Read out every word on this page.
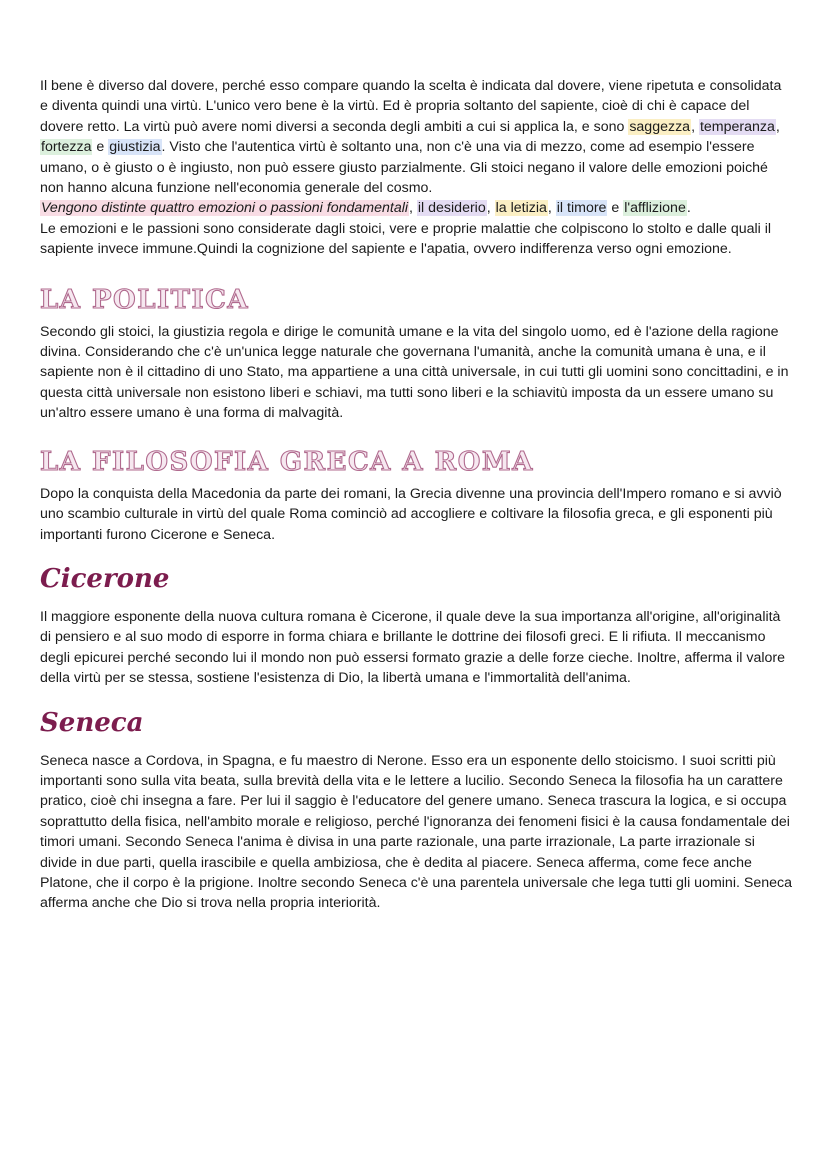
Il bene è diverso dal dovere, perché esso compare quando la scelta è indicata dal dovere, viene ripetuta e consolidata e diventa quindi una virtù. L'unico vero bene è la virtù. Ed è propria soltanto del sapiente, cioè di chi è capace del dovere retto. La virtù può avere nomi diversi a seconda degli ambiti a cui si applica la, e sono saggezza, temperanza, fortezza e giustizia. Visto che l'autentica virtù è soltanto una, non c'è una via di mezzo, come ad esempio l'essere umano, o è giusto o è ingiusto, non può essere giusto parzialmente. Gli stoici negano il valore delle emozioni poiché non hanno alcuna funzione nell'economia generale del cosmo.
Vengono distinte quattro emozioni o passioni fondamentali, il desiderio, la letizia, il timore e l'afflizione.
Le emozioni e le passioni sono considerate dagli stoici, vere e proprie malattie che colpiscono lo stolto e dalle quali il sapiente invece immune.Quindi la cognizione del sapiente e l'apatia, ovvero indifferenza verso ogni emozione.

LA POLITICA

Secondo gli stoici, la giustizia regola e dirige le comunità umane e la vita del singolo uomo, ed è l'azione della ragione divina. Considerando che c'è un'unica legge naturale che governana l'umanità, anche la comunità umana è una, e il sapiente non è il cittadino di uno Stato, ma appartiene a una città universale, in cui tutti gli uomini sono concittadini, e in questa città universale non esistono liberi e schiavi, ma tutti sono liberi e la schiavitù imposta da un essere umano su un'altro essere umano è una forma di malvagità.

LA FILOSOFIA GRECA A ROMA

Dopo la conquista della Macedonia da parte dei romani, la Grecia divenne una provincia dell'Impero romano e si avviò uno scambio culturale in virtù del quale Roma cominciò ad accogliere e coltivare la filosofia greca, e gli esponenti più importanti furono Cicerone e Seneca.

Cicerone

Il maggiore esponente della nuova cultura romana è Cicerone, il quale deve la sua importanza all'origine, all'originalità di pensiero e al suo modo di esporre in forma chiara e brillante le dottrine dei filosofi greci. E li rifiuta. Il meccanismo degli epicurei perché secondo lui il mondo non può essersi formato grazie a delle forze cieche. Inoltre, afferma il valore della virtù per se stessa, sostiene l'esistenza di Dio, la libertà umana e l'immortalità dell'anima.

Seneca

Seneca nasce a Cordova, in Spagna, e fu maestro di Nerone. Esso era un esponente dello stoicismo. I suoi scritti più importanti sono sulla vita beata, sulla brevità della vita e le lettere a lucilio. Secondo Seneca la filosofia ha un carattere pratico, cioè chi insegna a fare. Per lui il saggio è l'educatore del genere umano. Seneca trascura la logica, e si occupa soprattutto della fisica, nell'ambito morale e religioso, perché l'ignoranza dei fenomeni fisici è la causa fondamentale dei timori umani. Secondo Seneca l'anima è divisa in una parte razionale, una parte irrazionale, La parte irrazionale si divide in due parti, quella irascibile e quella ambiziosa, che è dedita al piacere. Seneca afferma, come fece anche Platone, che il corpo è la prigione. Inoltre secondo Seneca c'è una parentela universale che lega tutti gli uomini. Seneca afferma anche che Dio si trova nella propria interiorità.
